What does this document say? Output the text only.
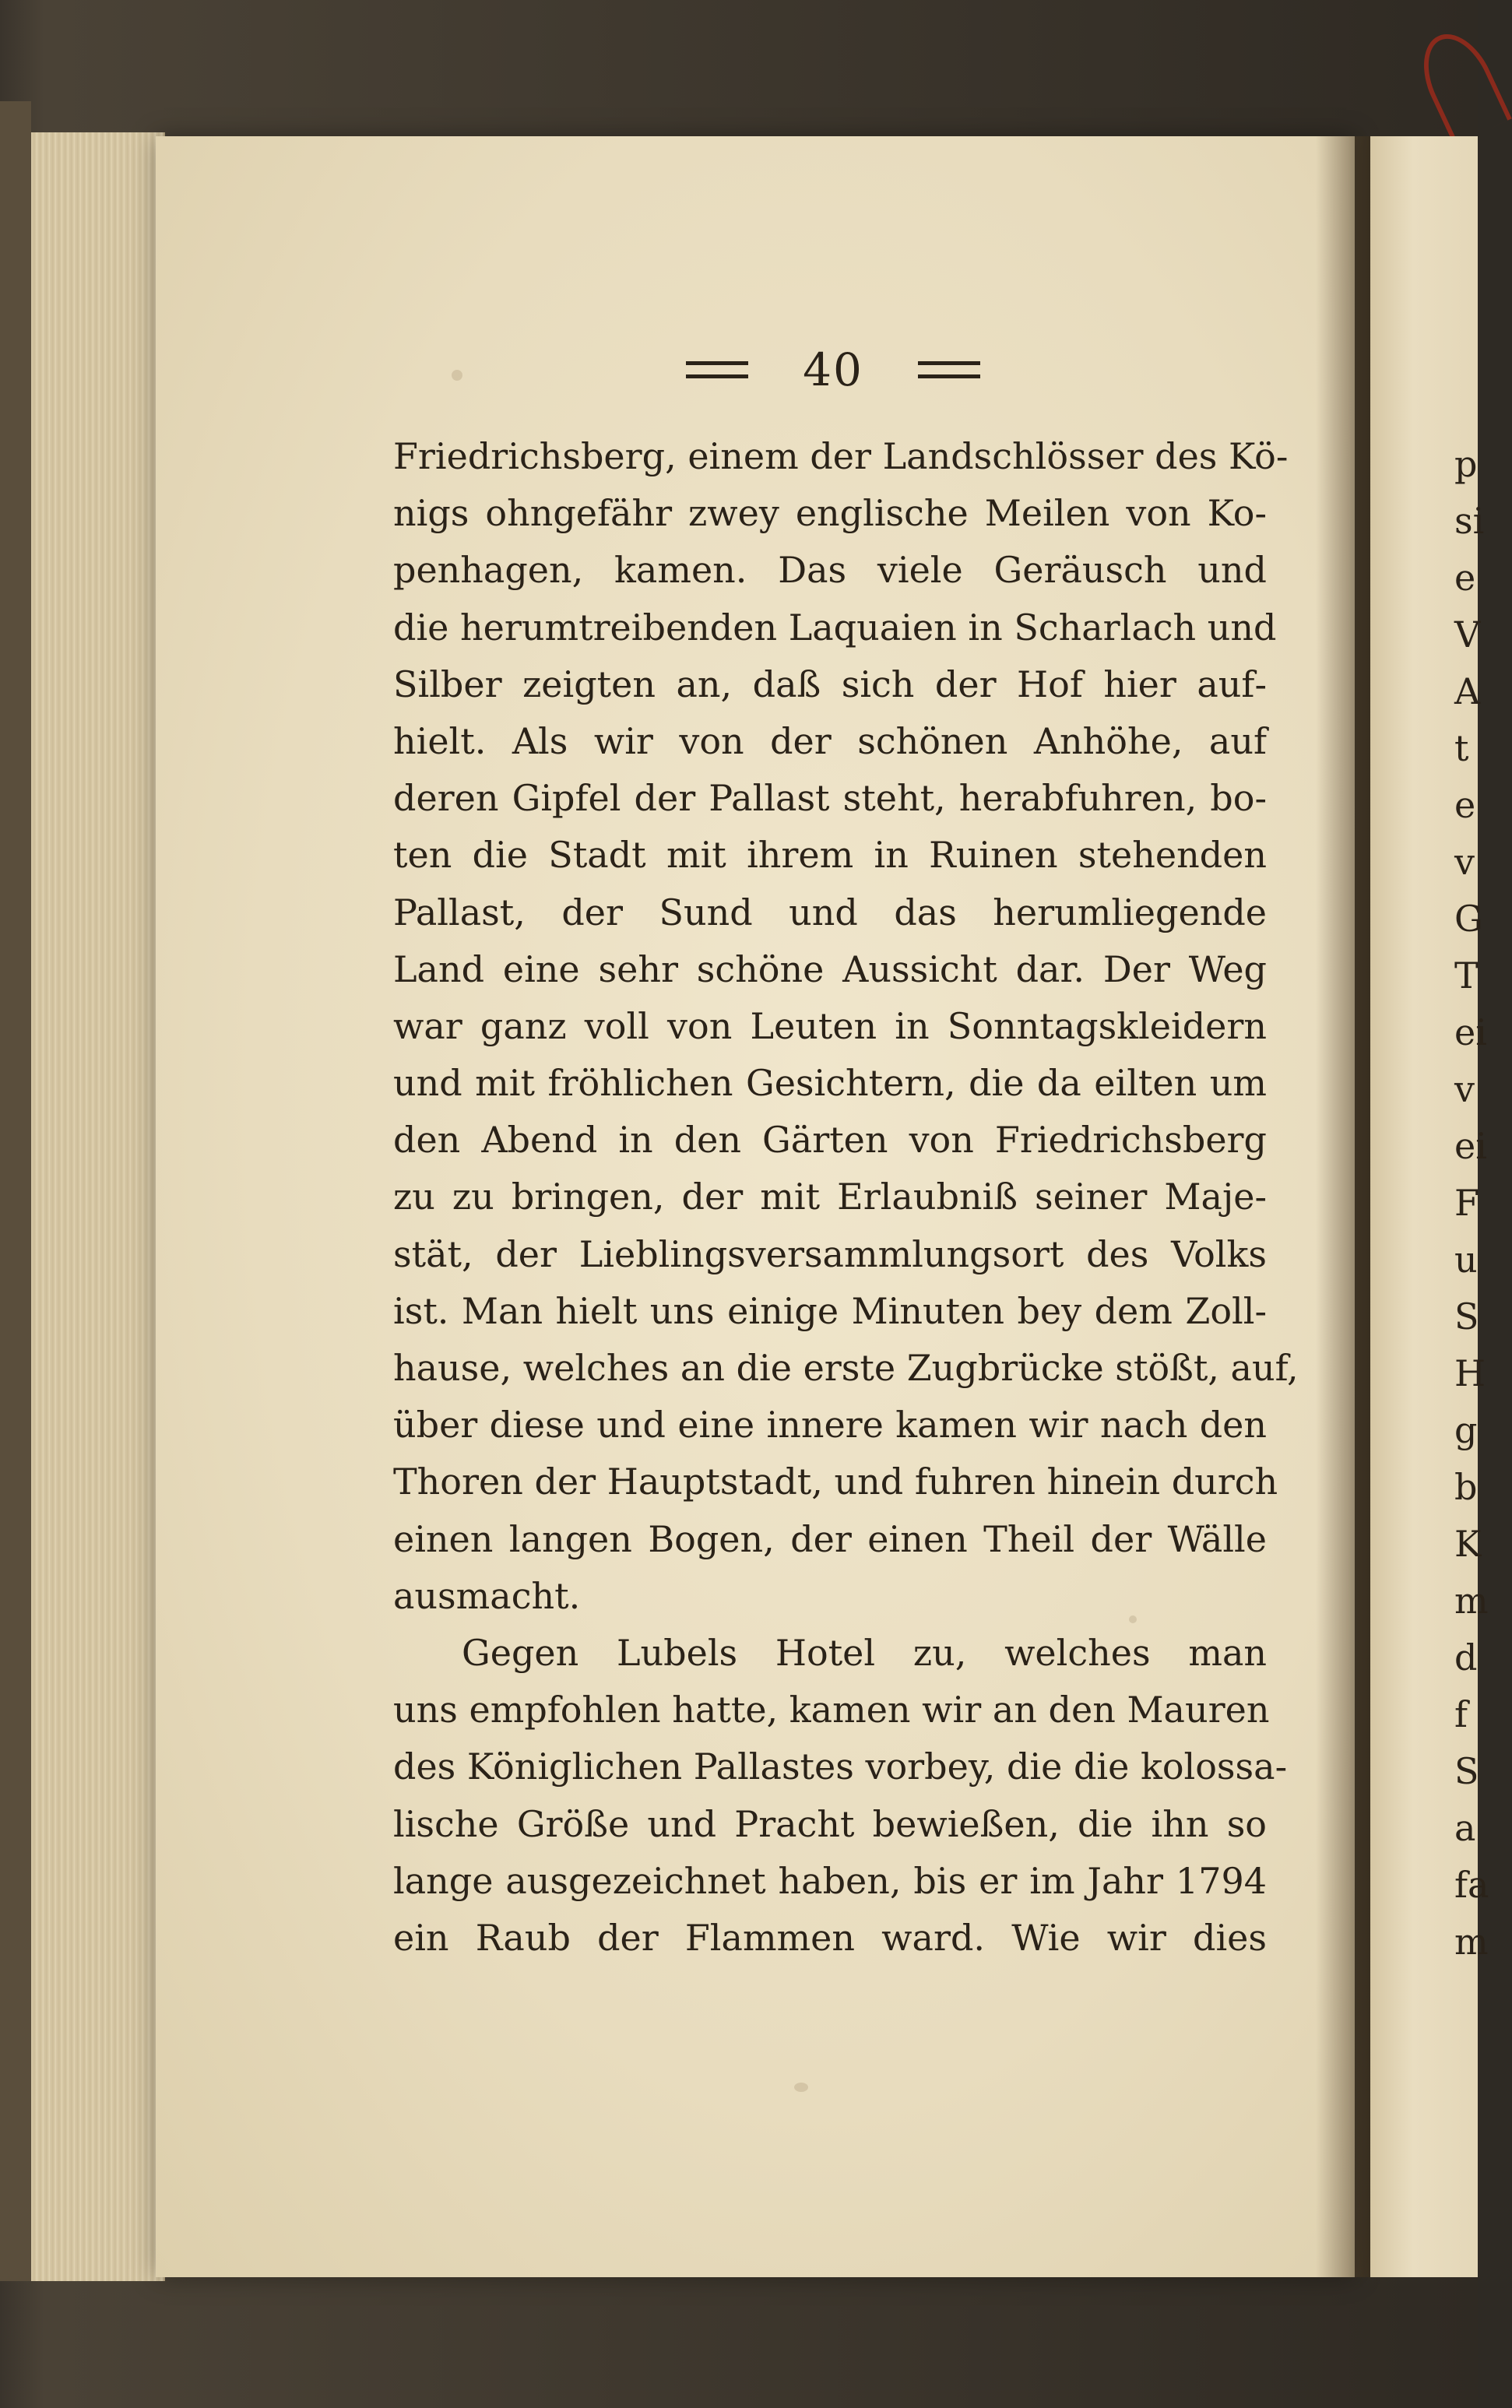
p
si
e
V
A
t
e
v
G
T
ei
v
ei
F
u
S
H
g
b
K
m
d
f
S
a
fa
m
40
Friedrichsberg, einem der Landschlösser des Kö‑
nigs ohngefähr zwey englische Meilen von Ko‑
penhagen, kamen. Das viele Geräusch und
die herumtreibenden Laquaien in Scharlach und
Silber zeigten an, daß sich der Hof hier auf‑
hielt. Als wir von der schönen Anhöhe, auf
deren Gipfel der Pallast steht, herabfuhren, bo‑
ten die Stadt mit ihrem in Ruinen stehenden
Pallast, der Sund und das herumliegende
Land eine sehr schöne Aussicht dar. Der Weg
war ganz voll von Leuten in Sonntagskleidern
und mit fröhlichen Gesichtern, die da eilten um
den Abend in den Gärten von Friedrichsberg
zu zu bringen, der mit Erlaubniß seiner Maje‑
stät, der Lieblingsversammlungsort des Volks
ist. Man hielt uns einige Minuten bey dem Zoll‑
hause, welches an die erste Zugbrücke stößt, auf,
über diese und eine innere kamen wir nach den
Thoren der Hauptstadt, und fuhren hinein durch
einen langen Bogen, der einen Theil der Wälle
ausmacht.
Gegen Lubels Hotel zu, welches man
uns empfohlen hatte, kamen wir an den Mauren
des Königlichen Pallastes vorbey, die die kolossa‑
lische Größe und Pracht bewießen, die ihn so
lange ausgezeichnet haben, bis er im Jahr 1794
ein Raub der Flammen ward. Wie wir dies
